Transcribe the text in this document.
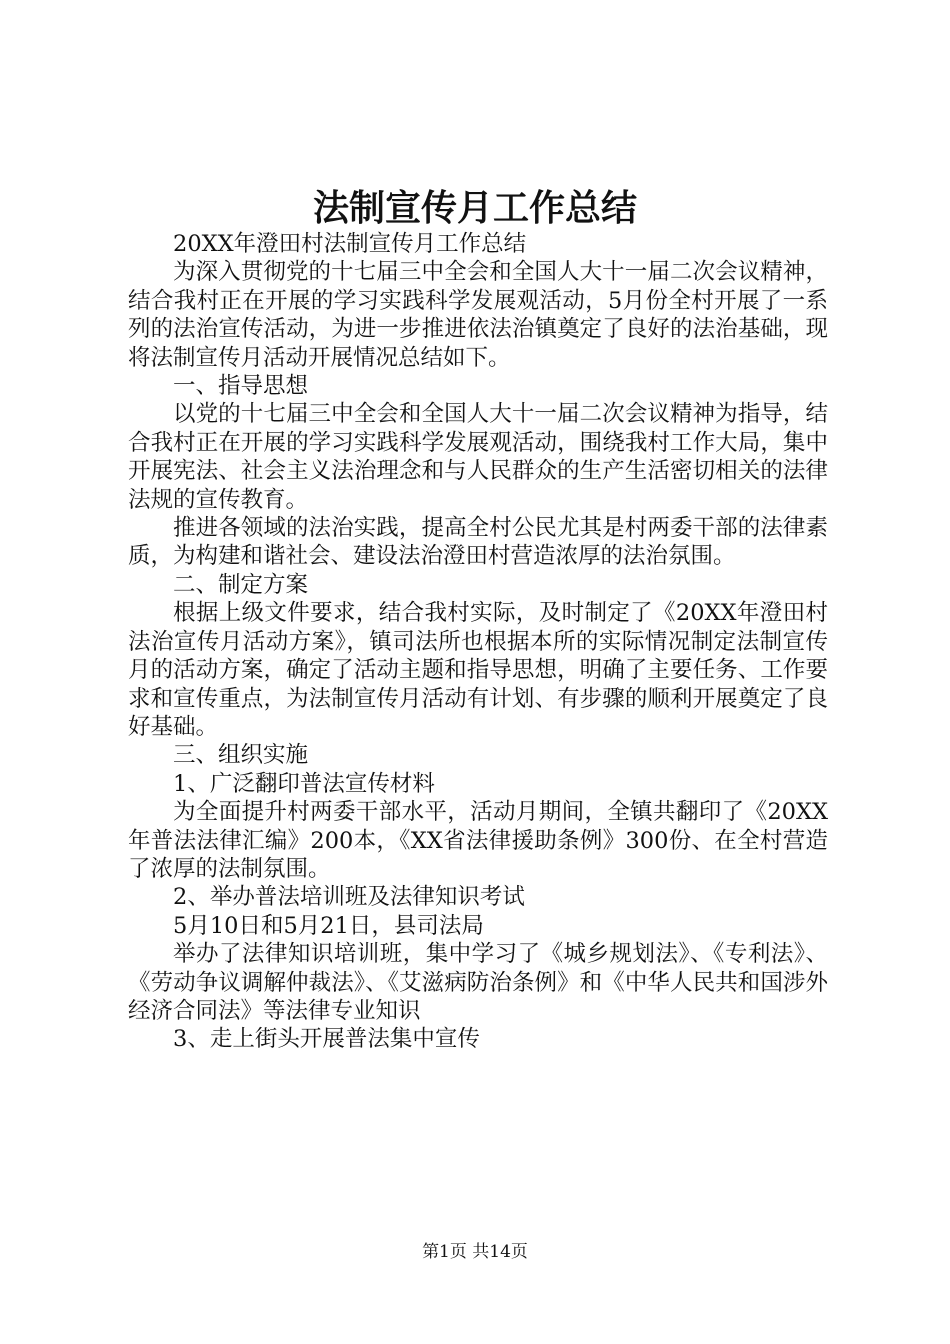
法制宣传月工作总结

20XX年澄田村法制宣传月工作总结

为深入贯彻党的十七届三中全会和全国人大十一届二次会议精神，结合我村正在开展的学习实践科学发展观活动，5月份全村开展了一系列的法治宣传活动，为进一步推进依法治镇奠定了良好的法治基础，现将法制宣传月活动开展情况总结如下。

一、指导思想

以党的十七届三中全会和全国人大十一届二次会议精神为指导，结合我村正在开展的学习实践科学发展观活动，围绕我村工作大局，集中开展宪法、社会主义法治理念和与人民群众的生产生活密切相关的法律法规的宣传教育。

推进各领域的法治实践，提高全村公民尤其是村两委干部的法律素质，为构建和谐社会、建设法治澄田村营造浓厚的法治氛围。

二、制定方案

根据上级文件要求，结合我村实际，及时制定了《20XX年澄田村法治宣传月活动方案》，镇司法所也根据本所的实际情况制定法制宣传月的活动方案，确定了活动主题和指导思想，明确了主要任务、工作要求和宣传重点，为法制宣传月活动有计划、有步骤的顺利开展奠定了良好基础。

三、组织实施

1、广泛翻印普法宣传材料

为全面提升村两委干部水平，活动月期间，全镇共翻印了《20XX年普法法律汇编》200本，《XX省法律援助条例》300份、在全村营造了浓厚的法制氛围。

2、举办普法培训班及法律知识考试

5月10日和5月21日，县司法局

举办了法律知识培训班，集中学习了《城乡规划法》、《专利法》、《劳动争议调解仲裁法》、《艾滋病防治条例》和《中华人民共和国涉外经济合同法》等法律专业知识

3、走上街头开展普法集中宣传

第1页 共14页
